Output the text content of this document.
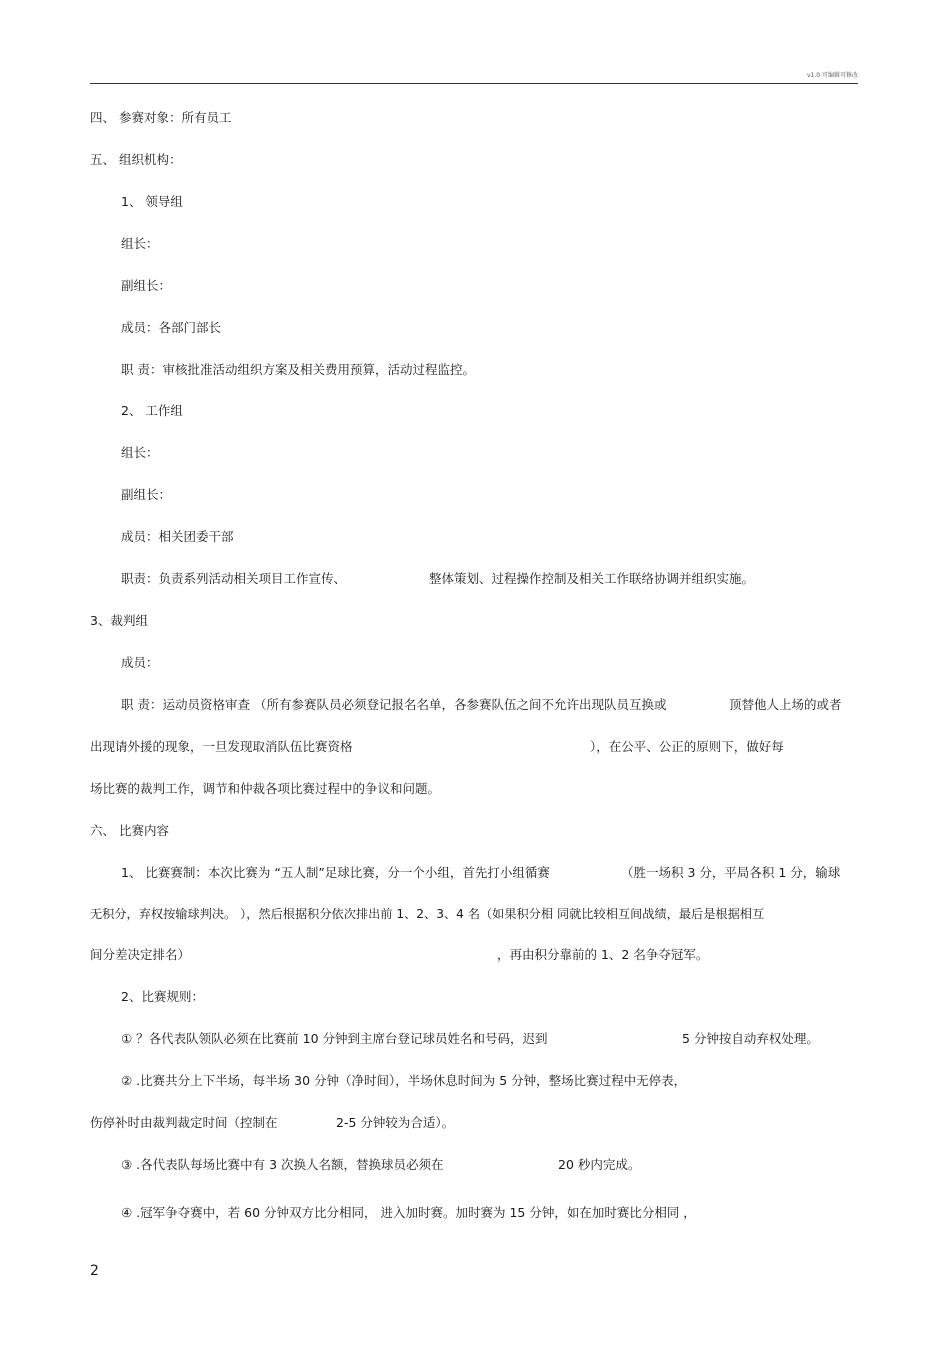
v1.0 可编辑可修改
四、 参赛对象：所有员工
五、 组织机构：
1、 领导组
组长：
副组长：
成员：各部门部长
职 责：审核批准活动组织方案及相关费用预算，活动过程监控。
2、 工作组
组长：
副组长：
成员：相关团委干部
职责：负责系列活动相关项目工作宣传、	整体策划、过程操作控制及相关工作联络协调并组织实施。
3、裁判组
成员：
职 责：运动员资格审查 （所有参赛队员必须登记报名名单，各参赛队伍之间不允许出现队员互换或	顶替他人上场的或者
出现请外援的现象，一旦发现取消队伍比赛资格	），在公平、公正的原则下，做好每
场比赛的裁判工作，调节和仲裁各项比赛过程中的争议和问题。
六、 比赛内容
1、 比赛赛制：本次比赛为 “五人制”足球比赛，分一个小组，首先打小组循赛	（胜一场积 3 分，平局各积 1 分，输球
无积分，弃权按输球判决。 ），然后根据积分依次排出前 1、2、3、4 名（如果积分相 同就比较相互间战绩，最后是根据相互
间分差决定排名）	，再由积分靠前的 1、2 名争夺冠军。
2、比赛规则：
① ？各代表队领队必须在比赛前 10 分钟到主席台登记球员姓名和号码，迟到	5 分钟按自动弃权处理。
② .比赛共分上下半场，每半场 30 分钟（净时间），半场休息时间为 5 分钟，整场比赛过程中无停表，
伤停补时由裁判裁定时间（控制在	2-5 分钟较为合适）。
③ .各代表队每场比赛中有 3 次换人名额，替换球员必须在	20 秒内完成。
④ .冠军争夺赛中，若 60 分钟双方比分相同， 进入加时赛。加时赛为 15 分钟，如在加时赛比分相同 ，
2
